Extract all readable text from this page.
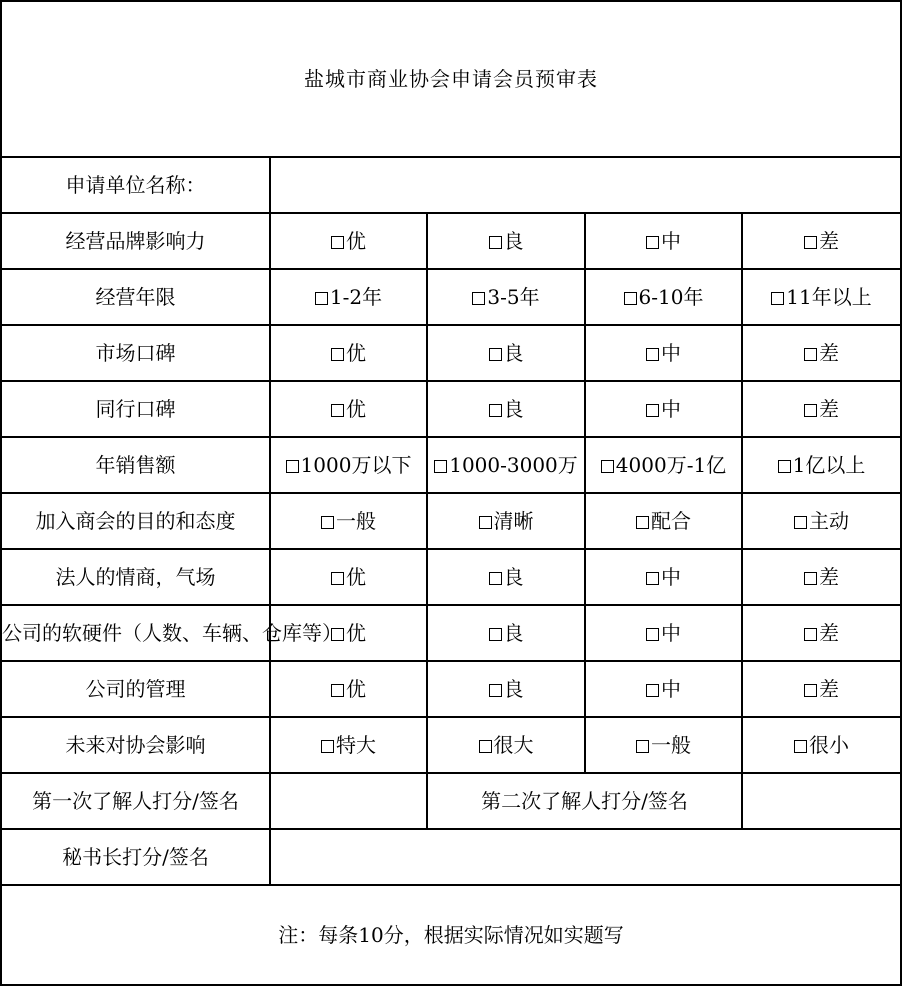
盐城市商业协会申请会员预审表				
申请单位名称：				
经营品牌影响力	优	良	中	差
经营年限	1-2年	3-5年	6-10年	11年以上
市场口碑	优	良	中	差
同行口碑	优	良	中	差
年销售额	1000万以下	1000-3000万	4000万-1亿	1亿以上
加入商会的目的和态度	一般	清晰	配合	主动
法人的情商，气场	优	良	中	差
公司的软硬件（人数、车辆、仓库等）	优	良	中	差
公司的管理	优	良	中	差
未来对协会影响	特大	很大	一般	很小
第一次了解人打分/签名		第二次了解人打分/签名		
秘书长打分/签名				
注：每条10分，根据实际情况如实题写				
